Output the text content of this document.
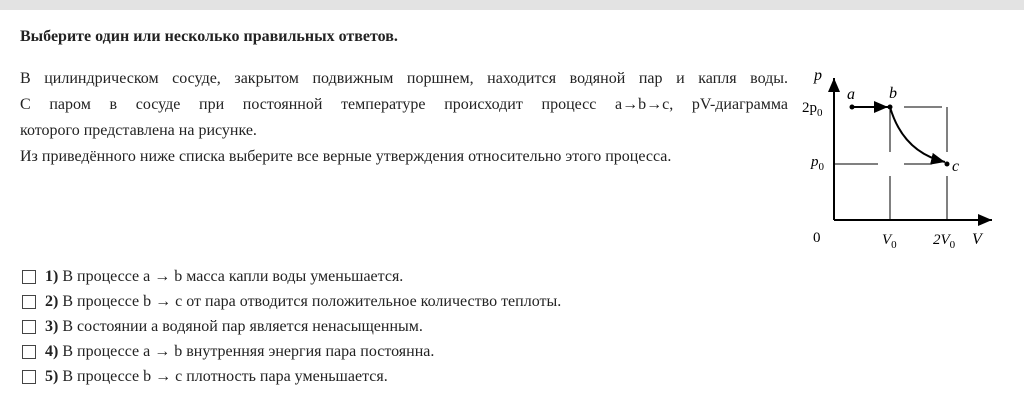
Выберите один или несколько правильных ответов.

В цилиндрическом сосуде, закрытом подвижным поршнем, находится водяной пар и капля воды.

С паром в сосуде при постоянной температуре происходит процесс a→b→c, pV-диаграмма

которого представлена на рисунке.

Из приведённого ниже списка выберите все верные утверждения относительно этого процесса.

p
V
0
a b
c
$2p_0$
$p_0$
$V_0$ $2V_0$
1) В процессе a → b масса капли воды уменьшается.
2) В процессе b → c от пара отводится положительное количество теплоты.
3) В состоянии a водяной пар является ненасыщенным.
4) В процессе a → b внутренняя энергия пара постоянна.
5) В процессе b → c плотность пара уменьшается.
